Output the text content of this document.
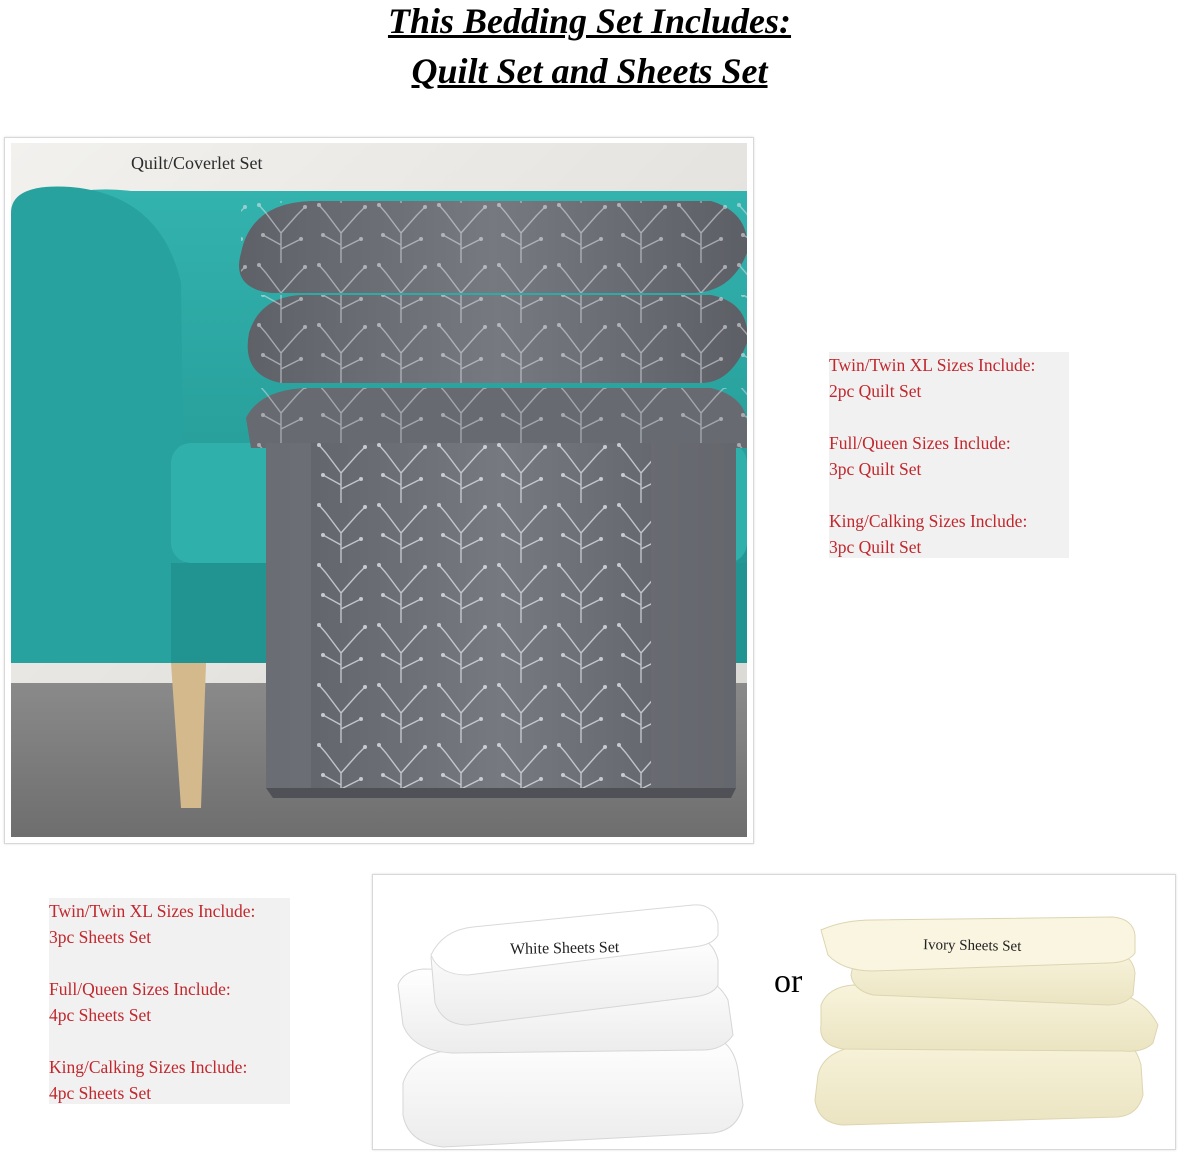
This Bedding Set Includes:
Quilt Set and Sheets Set
Quilt/Coverlet Set
Twin/Twin XL Sizes Include:
2pc Quilt Set
Full/Queen Sizes Include:
3pc Quilt Set
King/Calking Sizes Include:
3pc Quilt Set
Twin/Twin XL Sizes Include:
3pc Sheets Set
Full/Queen Sizes Include:
4pc Sheets Set
King/Calking Sizes Include:
4pc Sheets Set
White Sheets Set
or
Ivory Sheets Set
